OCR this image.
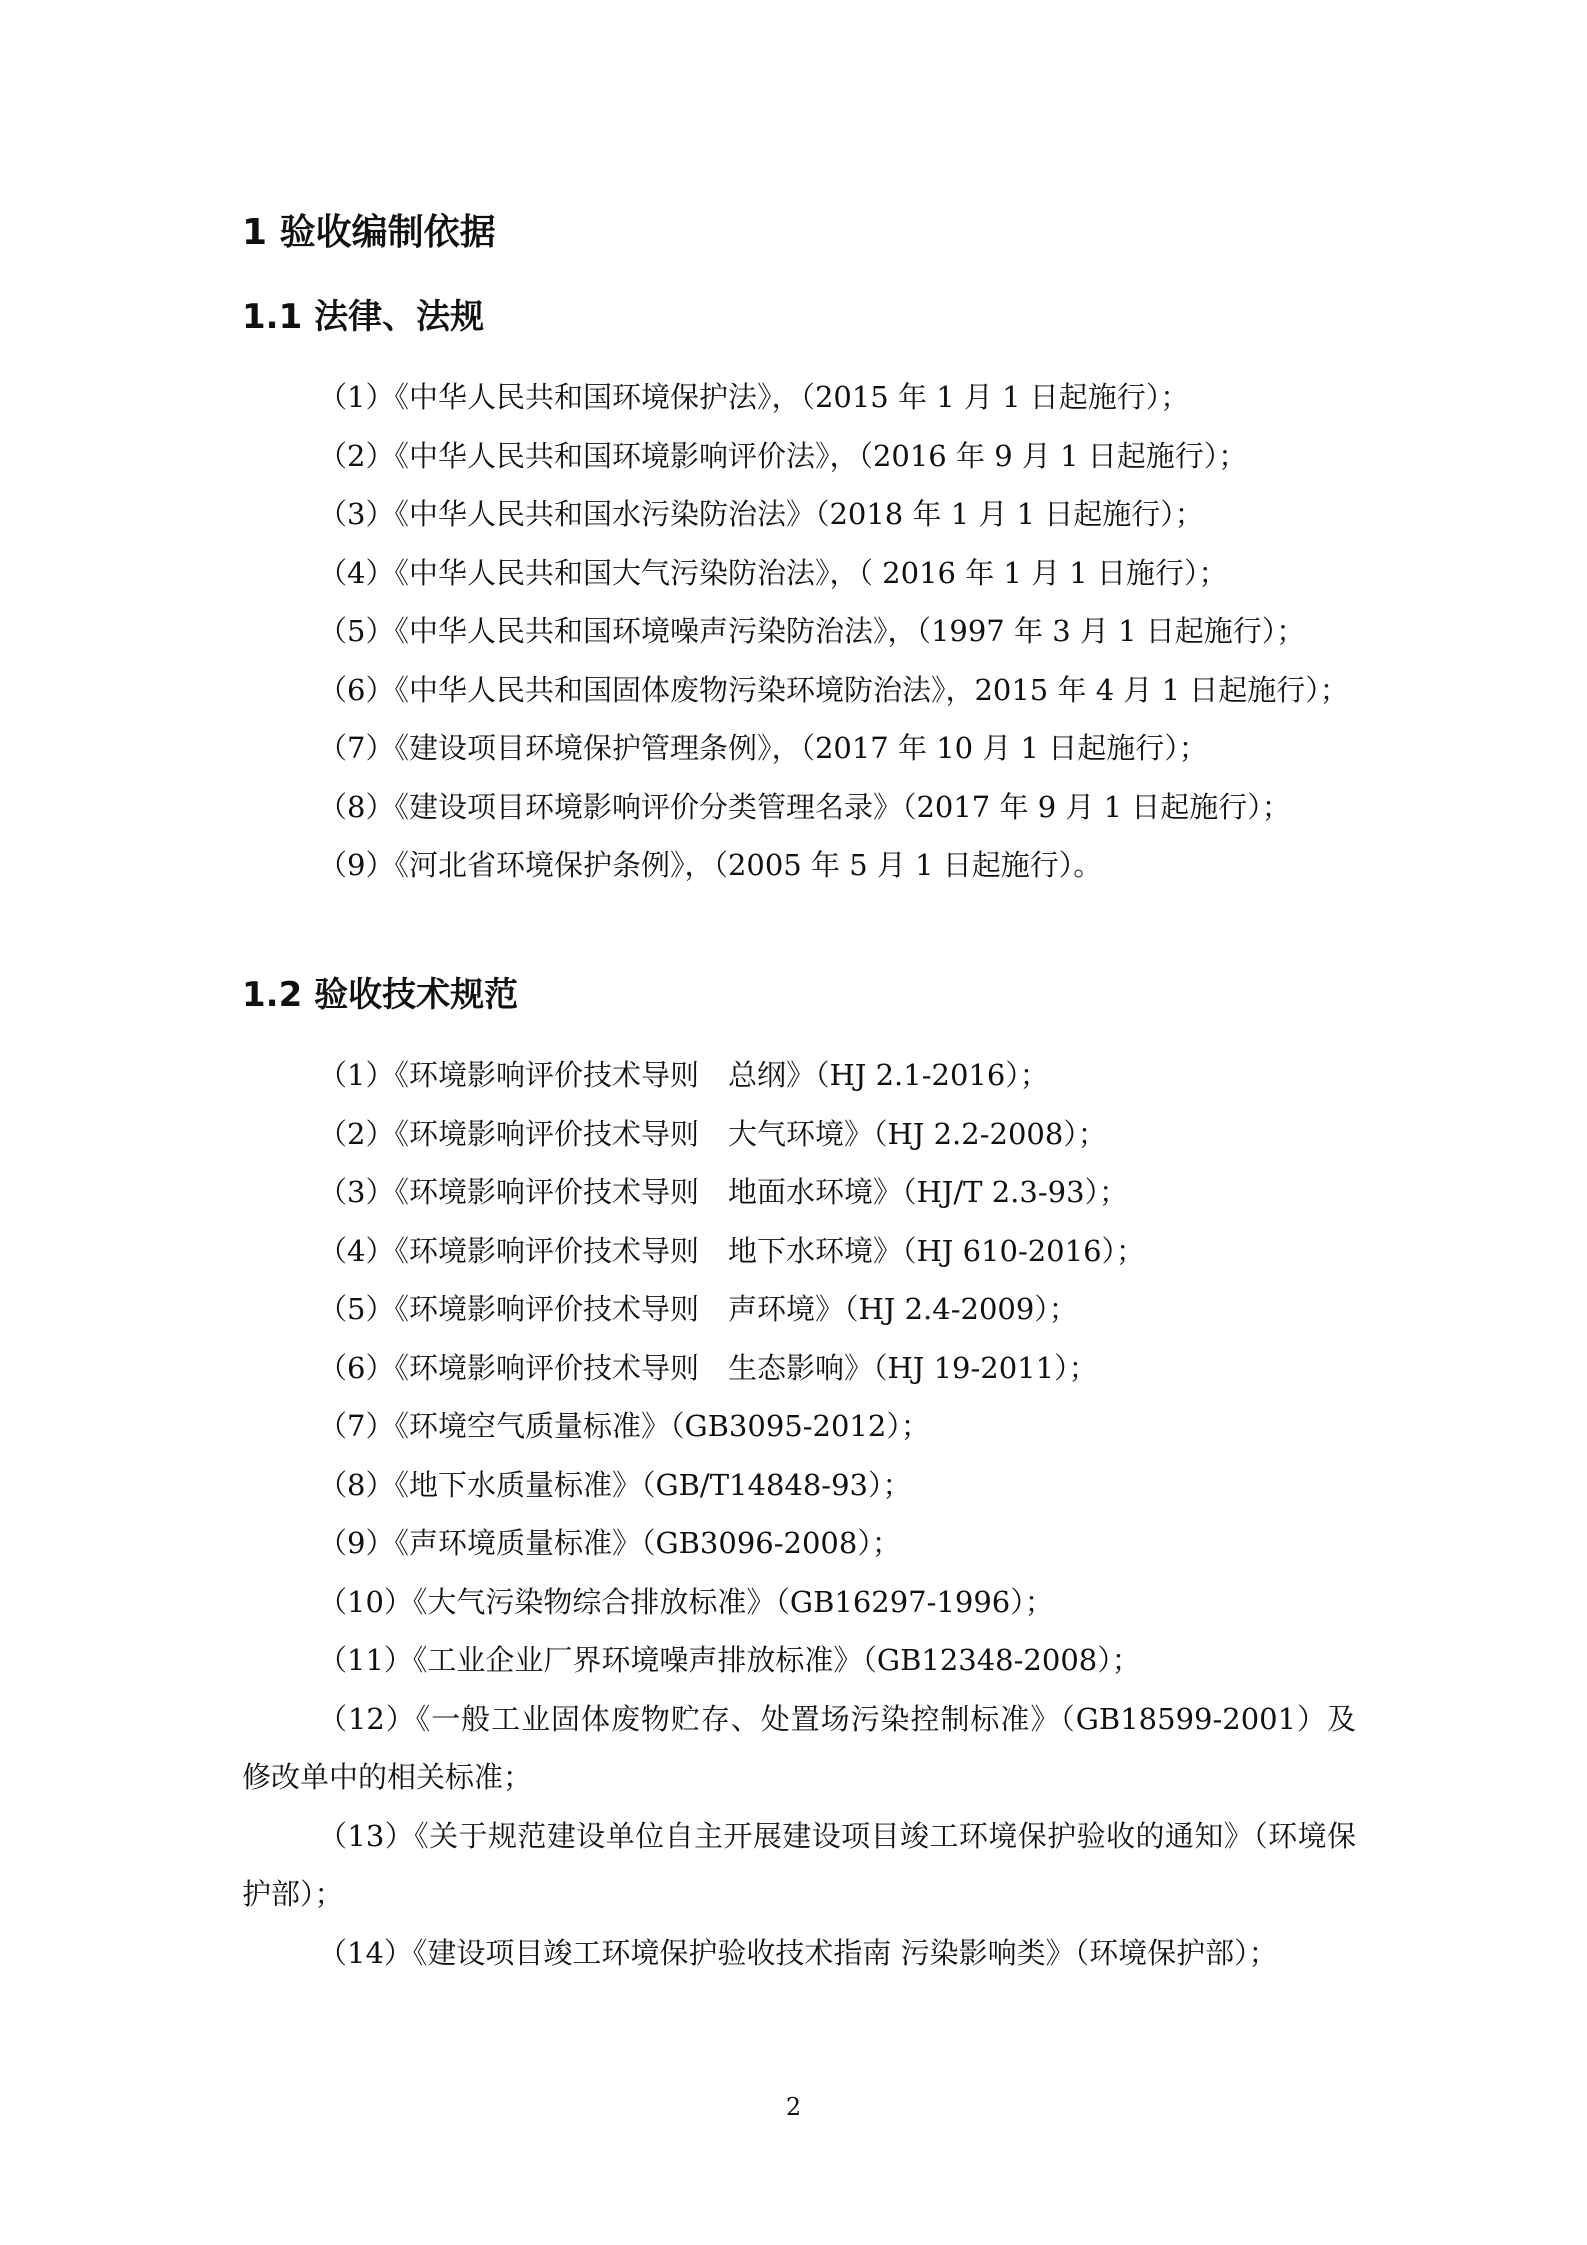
1 验收编制依据
1.1 法律、法规
（1）《中华人民共和国环境保护法》，（2015 年 1 月 1 日起施行）；
（2）《中华人民共和国环境影响评价法》，（2016 年 9 月 1 日起施行）；
（3）《中华人民共和国水污染防治法》（2018 年 1 月 1 日起施行）；
（4）《中华人民共和国大气污染防治法》，（ 2016 年 1 月 1 日施行）；
（5）《中华人民共和国环境噪声污染防治法》，（1997 年 3 月 1 日起施行）；
（6）《中华人民共和国固体废物污染环境防治法》，2015 年 4 月 1 日起施行）；
（7）《建设项目环境保护管理条例》，（2017 年 10 月 1 日起施行）；
（8）《建设项目环境影响评价分类管理名录》（2017 年 9 月 1 日起施行）；
（9）《河北省环境保护条例》，（2005 年 5 月 1 日起施行）。
1.2 验收技术规范
（1）《环境影响评价技术导则　总纲》（HJ 2.1-2016）；
（2）《环境影响评价技术导则　大气环境》（HJ 2.2-2008）；
（3）《环境影响评价技术导则　地面水环境》（HJ/T 2.3-93）；
（4）《环境影响评价技术导则　地下水环境》（HJ 610-2016）；
（5）《环境影响评价技术导则　声环境》（HJ 2.4-2009）；
（6）《环境影响评价技术导则　生态影响》（HJ 19-2011）；
（7）《环境空气质量标准》（GB3095-2012）；
（8）《地下水质量标准》（GB/T14848-93）；
（9）《声环境质量标准》（GB3096-2008）；
（10）《大气污染物综合排放标准》（GB16297-1996）；
（11）《工业企业厂界环境噪声排放标准》（GB12348-2008）；
（12）《一般工业固体废物贮存、处置场污染控制标准》（GB18599-2001）及修改单中的相关标准；
（13）《关于规范建设单位自主开展建设项目竣工环境保护验收的通知》（环境保护部）；
（14）《建设项目竣工环境保护验收技术指南 污染影响类》（环境保护部）；
2
